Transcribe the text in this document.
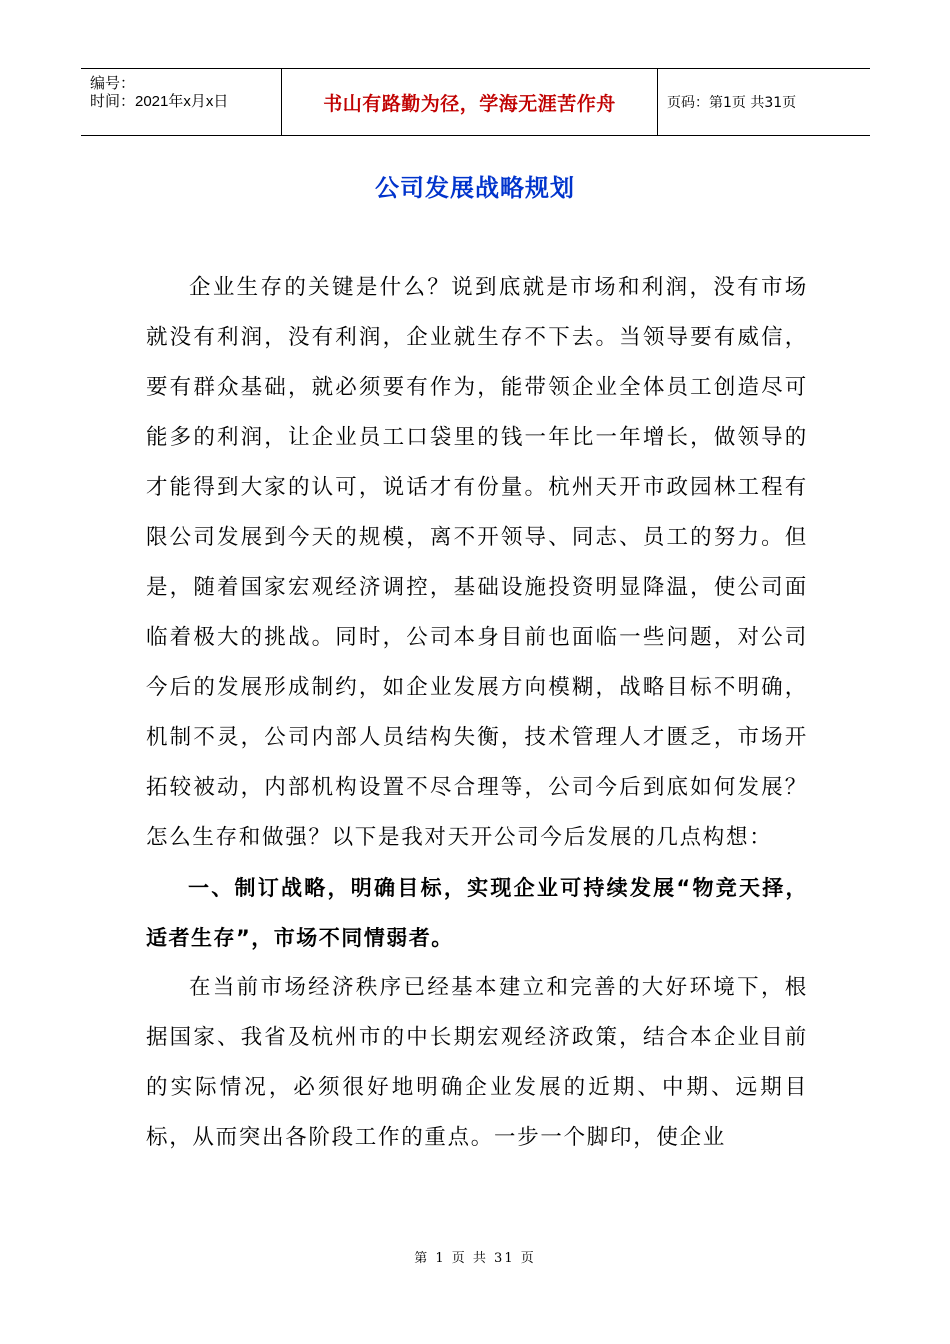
编号：
时间：2021年x月x日	书山有路勤为径，学海无涯苦作舟	页码：第1页 共31页
公司发展战略规划

企业生存的关键是什么？说到底就是市场和利润，没有市场就没有利润，没有利润，企业就生存不下去。当领导要有威信，要有群众基础，就必须要有作为，能带领企业全体员工创造尽可能多的利润，让企业员工口袋里的钱一年比一年增长，做领导的才能得到大家的认可，说话才有份量。杭州天开市政园林工程有限公司发展到今天的规模，离不开领导、同志、员工的努力。但是，随着国家宏观经济调控，基础设施投资明显降温，使公司面临着极大的挑战。同时，公司本身目前也面临一些问题，对公司今后的发展形成制约，如企业发展方向模糊，战略目标不明确，机制不灵，公司内部人员结构失衡，技术管理人才匮乏，市场开拓较被动，内部机构设置不尽合理等，公司今后到底如何发展？怎么生存和做强？以下是我对天开公司今后发展的几点构想：

一、制订战略，明确目标，实现企业可持续发展“物竞天择，适者生存”，市场不同情弱者。

在当前市场经济秩序已经基本建立和完善的大好环境下，根据国家、我省及杭州市的中长期宏观经济政策，结合本企业目前的实际情况，必须很好地明确企业发展的近期、中期、远期目标，从而突出各阶段工作的重点。一步一个脚印，使企业

第 1 页 共 31 页
